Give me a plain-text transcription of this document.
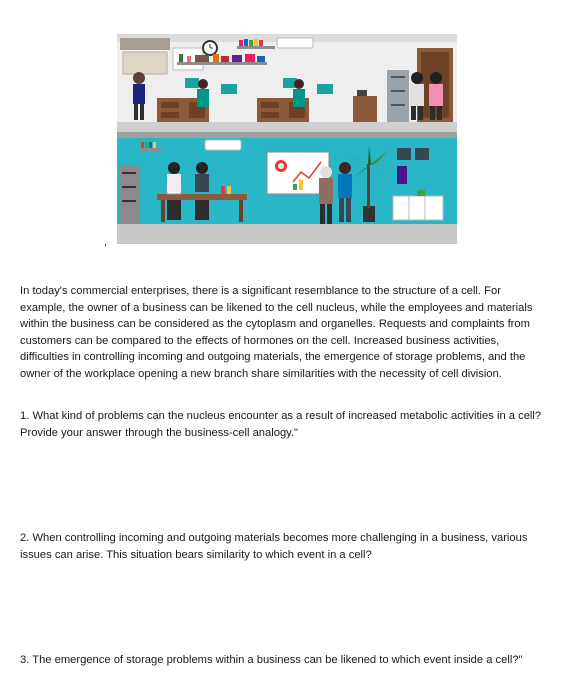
,

In today's commercial enterprises, there is a significant resemblance to the structure of a cell. For example, the owner of a business can be likened to the cell nucleus, while the employees and materials within the business can be considered as the cytoplasm and organelles. Requests and complaints from customers can be compared to the effects of hormones on the cell. Increased business activities, difficulties in controlling incoming and outgoing materials, the emergence of storage problems, and the owner of the workplace opening a new branch share similarities with the necessity of cell division.

1. What kind of problems can the nucleus encounter as a result of increased metabolic activities in a cell? Provide your answer through the business-cell analogy."

2. When controlling incoming and outgoing materials becomes more challenging in a business, various issues can arise. This situation bears similarity to which event in a cell?

3. The emergence of storage problems within a business can be likened to which event inside a cell?"
